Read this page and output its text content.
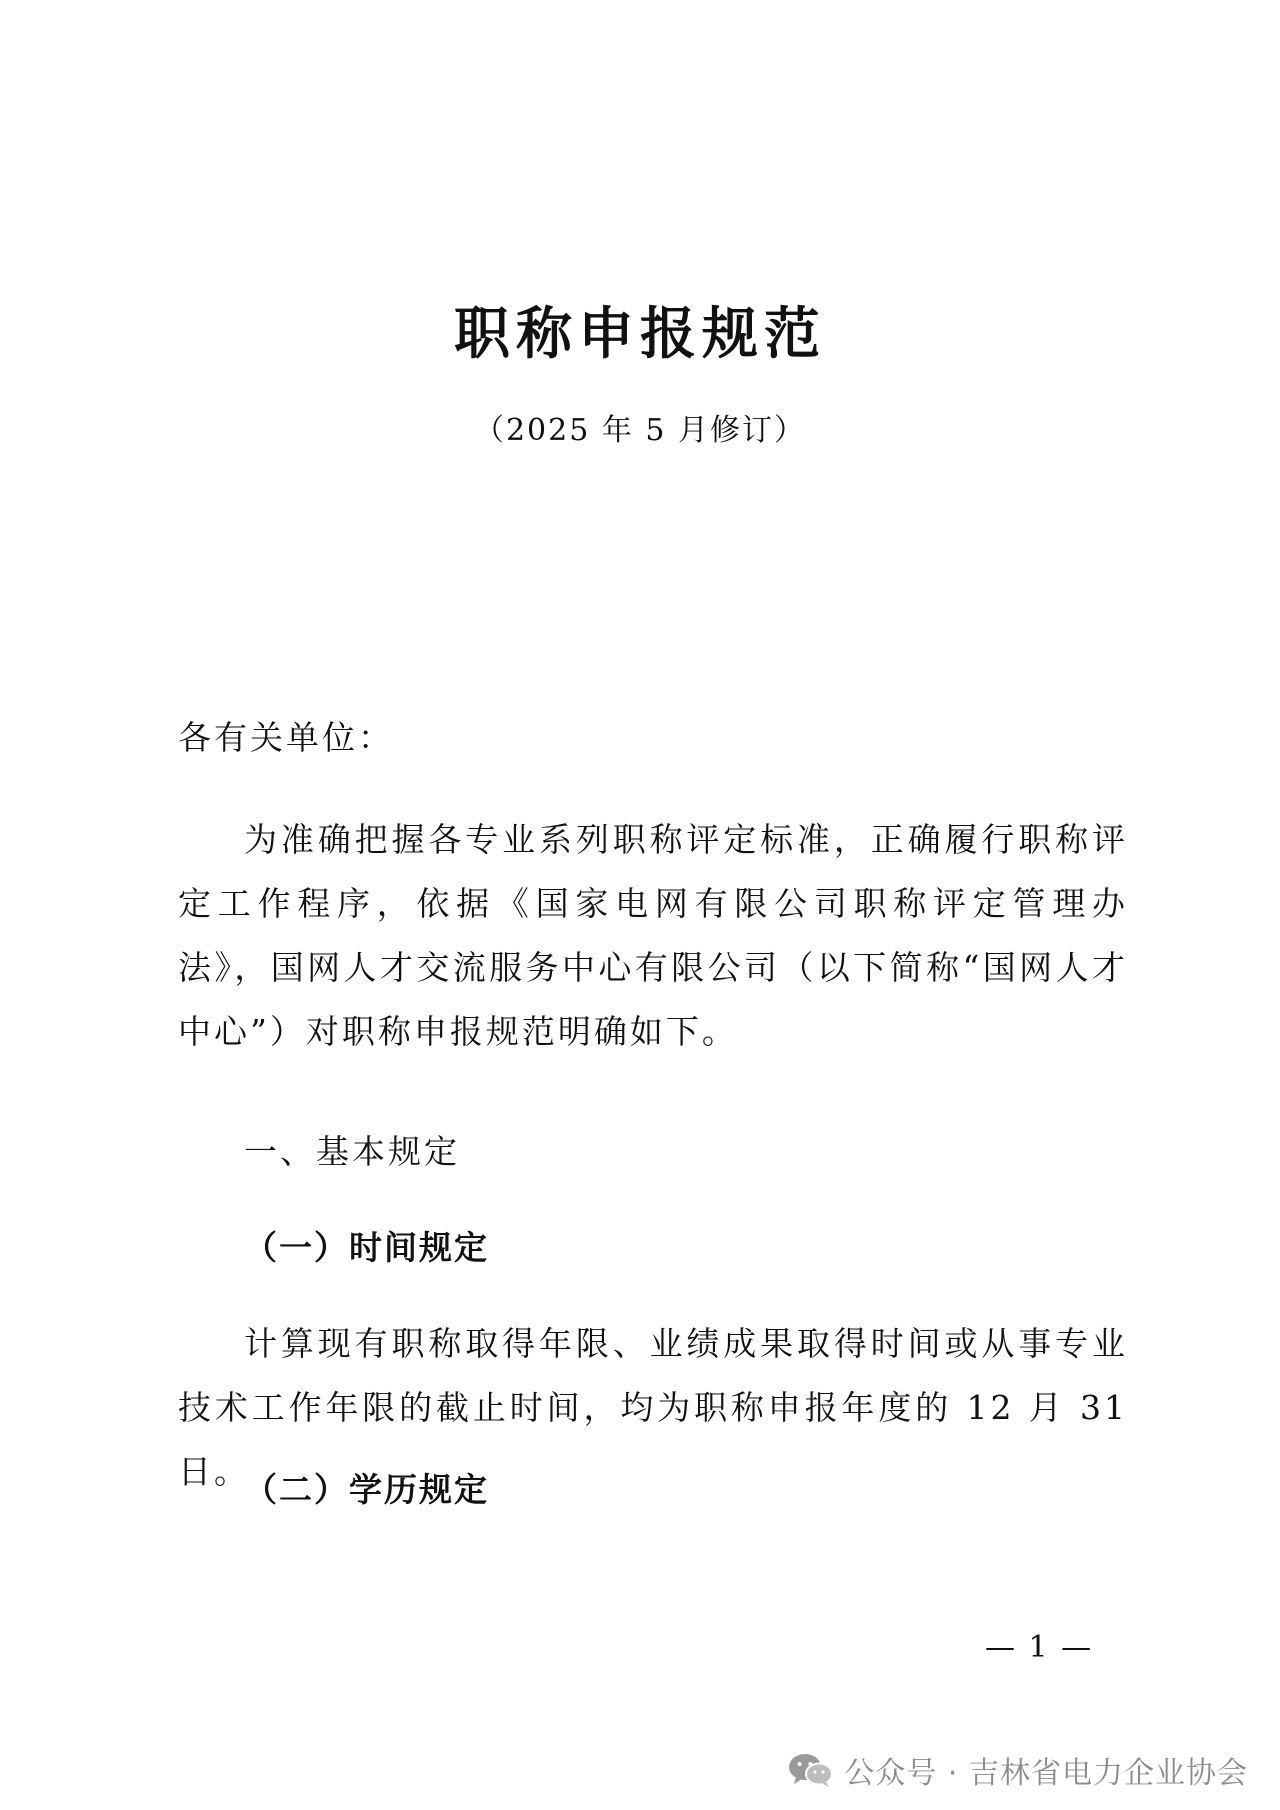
职称申报规范
（2025 年 5 月修订）
各有关单位：
为准确把握各专业系列职称评定标准，正确履行职称评定工作程序，依据《国家电网有限公司职称评定管理办法》，国网人才交流服务中心有限公司（以下简称“国网人才中心”）对职称申报规范明确如下。
一、基本规定
（一）时间规定
计算现有职称取得年限、业绩成果取得时间或从事专业技术工作年限的截止时间，均为职称申报年度的 12 月 31 日。
（二）学历规定
— 1 —
公众号 · 吉林省电力企业协会
